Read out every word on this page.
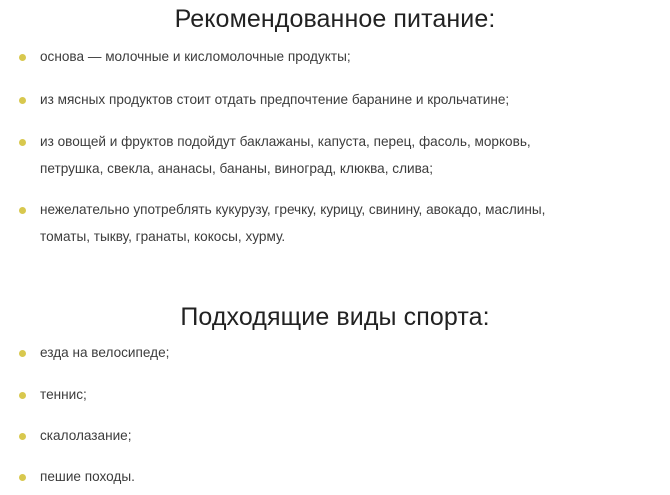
Рекомендованное питание:
основа — молочные и кисломолочные продукты;
из мясных продуктов стоит отдать предпочтение баранине и крольчатине;
из овощей и фруктов подойдут баклажаны, капуста, перец, фасоль, морковь,
петрушка, свекла, ананасы, бананы, виноград, клюква, слива;
нежелательно употреблять кукурузу, гречку, курицу, свинину, авокадо, маслины,
томаты, тыкву, гранаты, кокосы, хурму.
Подходящие виды спорта:
езда на велосипеде;
теннис;
скалолазание;
пешие походы.
